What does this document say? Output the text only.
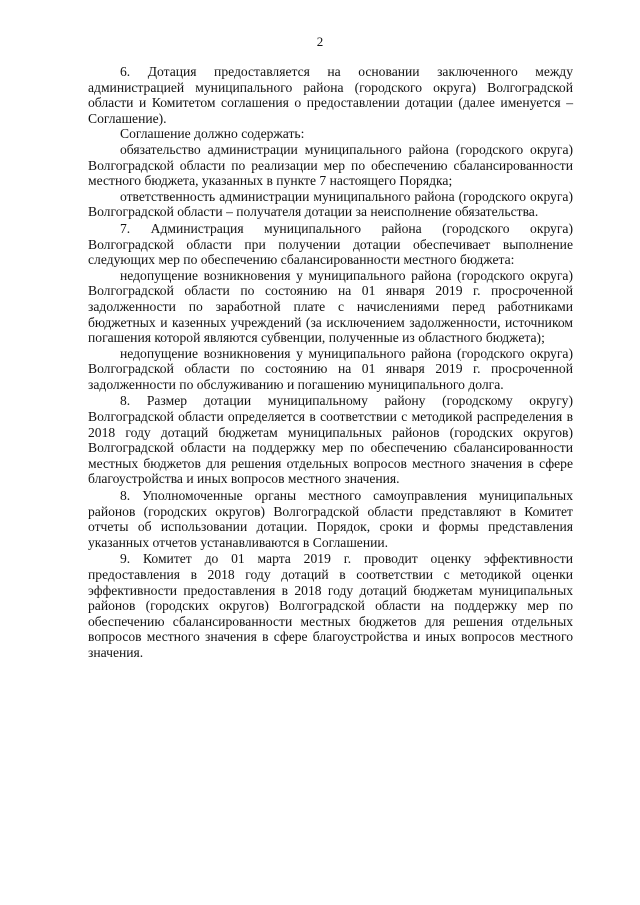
2

6. Дотация предоставляется на основании заключенного между администрацией муниципального района (городского округа) Волгоградской области и Комитетом соглашения о предоставлении дотации (далее именуется – Соглашение).

Соглашение должно содержать:

обязательство администрации муниципального района (городского округа) Волгоградской области по реализации мер по обеспечению сбалансированности местного бюджета, указанных в пункте 7 настоящего Порядка;

ответственность администрации муниципального района (городского округа) Волгоградской области – получателя дотации за неисполнение обязательства.

7. Администрация муниципального района (городского округа) Волгоградской области при получении дотации обеспечивает выполнение следующих мер по обеспечению сбалансированности местного бюджета:

недопущение возникновения у муниципального района (городского округа) Волгоградской области по состоянию на 01 января 2019 г. просроченной задолженности по заработной плате с начислениями перед работниками бюджетных и казенных учреждений (за исключением задолженности, источником погашения которой являются субвенции, полученные из областного бюджета);

недопущение возникновения у муниципального района (городского округа) Волгоградской области по состоянию на 01 января 2019 г. просроченной задолженности по обслуживанию и погашению муниципального долга.

8. Размер дотации муниципальному району (городскому округу) Волгоградской области определяется в соответствии с методикой распределения в 2018 году дотаций бюджетам муниципальных районов (городских округов) Волгоградской области на поддержку мер по обеспечению сбалансированности местных бюджетов для решения отдельных вопросов местного значения в сфере благоустройства и иных вопросов местного значения.

8. Уполномоченные органы местного самоуправления муниципальных районов (городских округов) Волгоградской области представляют в Комитет отчеты об использовании дотации. Порядок, сроки и формы представления указанных отчетов устанавливаются в Соглашении.

9. Комитет до 01 марта 2019 г. проводит оценку эффективности предоставления в 2018 году дотаций в соответствии с методикой оценки эффективности предоставления в 2018 году дотаций бюджетам муниципальных районов (городских округов) Волгоградской области на поддержку мер по обеспечению сбалансированности местных бюджетов для решения отдельных вопросов местного значения в сфере благоустройства и иных вопросов местного значения.
